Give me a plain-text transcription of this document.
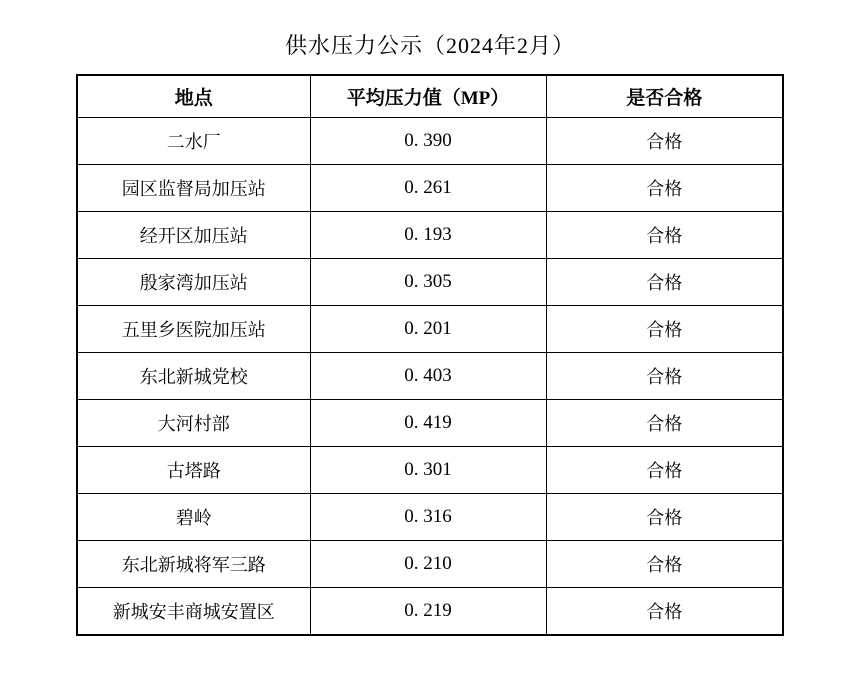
供水压力公示（2024年2月）
地点	平均压力值（MP）	是否合格
二水厂	0. 390	合格
园区监督局加压站	0. 261	合格
经开区加压站	0. 193	合格
殷家湾加压站	0. 305	合格
五里乡医院加压站	0. 201	合格
东北新城党校	0. 403	合格
大河村部	0. 419	合格
古塔路	0. 301	合格
碧岭	0. 316	合格
东北新城将军三路	0. 210	合格
新城安丰商城安置区	0. 219	合格
